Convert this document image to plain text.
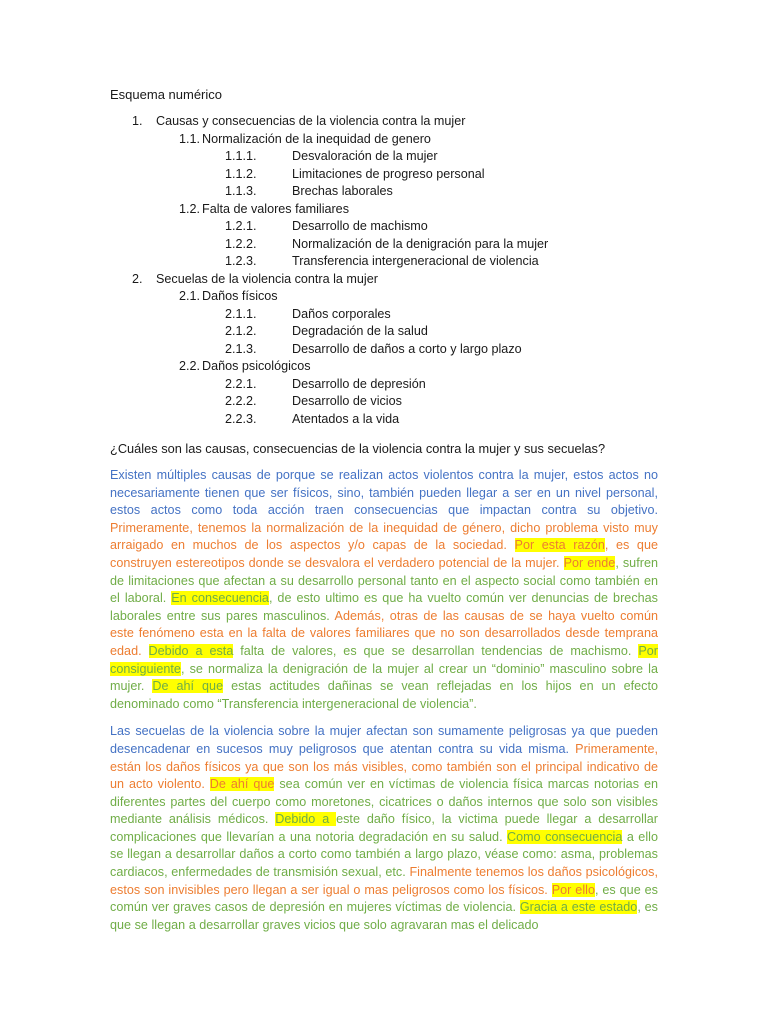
Esquema numérico
1. Causas y consecuencias de la violencia contra la mujer
1.1. Normalización de la inequidad de genero
1.1.1.	Desvaloración de la mujer
1.1.2.	Limitaciones de progreso personal
1.1.3.	Brechas laborales
1.2. Falta de valores familiares
1.2.1.	Desarrollo de machismo
1.2.2.	Normalización de la denigración para la mujer
1.2.3.	Transferencia intergeneracional de violencia
2. Secuelas de la violencia contra la mujer
2.1. Daños físicos
2.1.1.	Daños corporales
2.1.2.	Degradación de la salud
2.1.3.	Desarrollo de daños a corto y largo plazo
2.2. Daños psicológicos
2.2.1.	Desarrollo de depresión
2.2.2.	Desarrollo de vicios
2.2.3.	Atentados a la vida
¿Cuáles son las causas, consecuencias de la violencia contra la mujer y sus secuelas?

Existen múltiples causas de porque se realizan actos violentos contra la mujer, estos actos no necesariamente tienen que ser físicos, sino, también pueden llegar a ser en un nivel personal, estos actos como toda acción traen consecuencias que impactan contra su objetivo. Primeramente, tenemos la normalización de la inequidad de género, dicho problema visto muy arraigado en muchos de los aspectos y/o capas de la sociedad. Por esta razón, es que construyen estereotipos donde se desvalora el verdadero potencial de la mujer. Por ende, sufren de limitaciones que afectan a su desarrollo personal tanto en el aspecto social como también en el laboral. En consecuencia, de esto ultimo es que ha vuelto común ver denuncias de brechas laborales entre sus pares masculinos. Además, otras de las causas de se haya vuelto común este fenómeno esta en la falta de valores familiares que no son desarrollados desde temprana edad. Debido a esta falta de valores, es que se desarrollan tendencias de machismo. Por consiguiente, se normaliza la denigración de la mujer al crear un “dominio” masculino sobre la mujer. De ahí que estas actitudes dañinas se vean reflejadas en los hijos en un efecto denominado como “Transferencia intergeneracional de violencia”.

Las secuelas de la violencia sobre la mujer afectan son sumamente peligrosas ya que pueden desencadenar en sucesos muy peligrosos que atentan contra su vida misma. Primeramente, están los daños físicos ya que son los más visibles, como también son el principal indicativo de un acto violento. De ahí que sea común ver en víctimas de violencia física marcas notorias en diferentes partes del cuerpo como moretones, cicatrices o daños internos que solo son visibles mediante análisis médicos. Debido a este daño físico, la victima puede llegar a desarrollar complicaciones que llevarían a una notoria degradación en su salud. Como consecuencia a ello se llegan a desarrollar daños a corto como también a largo plazo, véase como: asma, problemas cardiacos, enfermedades de transmisión sexual, etc. Finalmente tenemos los daños psicológicos, estos son invisibles pero llegan a ser igual o mas peligrosos como los físicos. Por ello, es que es común ver graves casos de depresión en mujeres víctimas de violencia. Gracia a este estado, es que se llegan a desarrollar graves vicios que solo agravaran mas el delicado
